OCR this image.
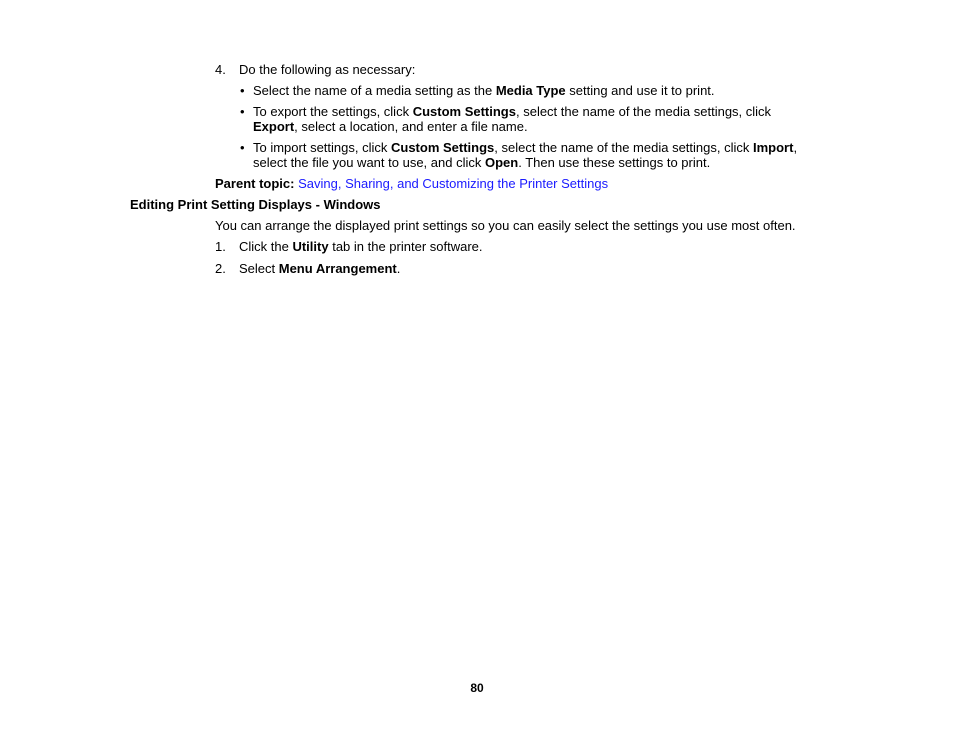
4. Do the following as necessary:
• Select the name of a media setting as the Media Type setting and use it to print.
• To export the settings, click Custom Settings, select the name of the media settings, click
Export, select a location, and enter a file name.
• To import settings, click Custom Settings, select the name of the media settings, click Import,
select the file you want to use, and click Open. Then use these settings to print.
Parent topic: Saving, Sharing, and Customizing the Printer Settings
Editing Print Setting Displays - Windows
You can arrange the displayed print settings so you can easily select the settings you use most often.
1. Click the Utility tab in the printer software.
2. Select Menu Arrangement.
80
